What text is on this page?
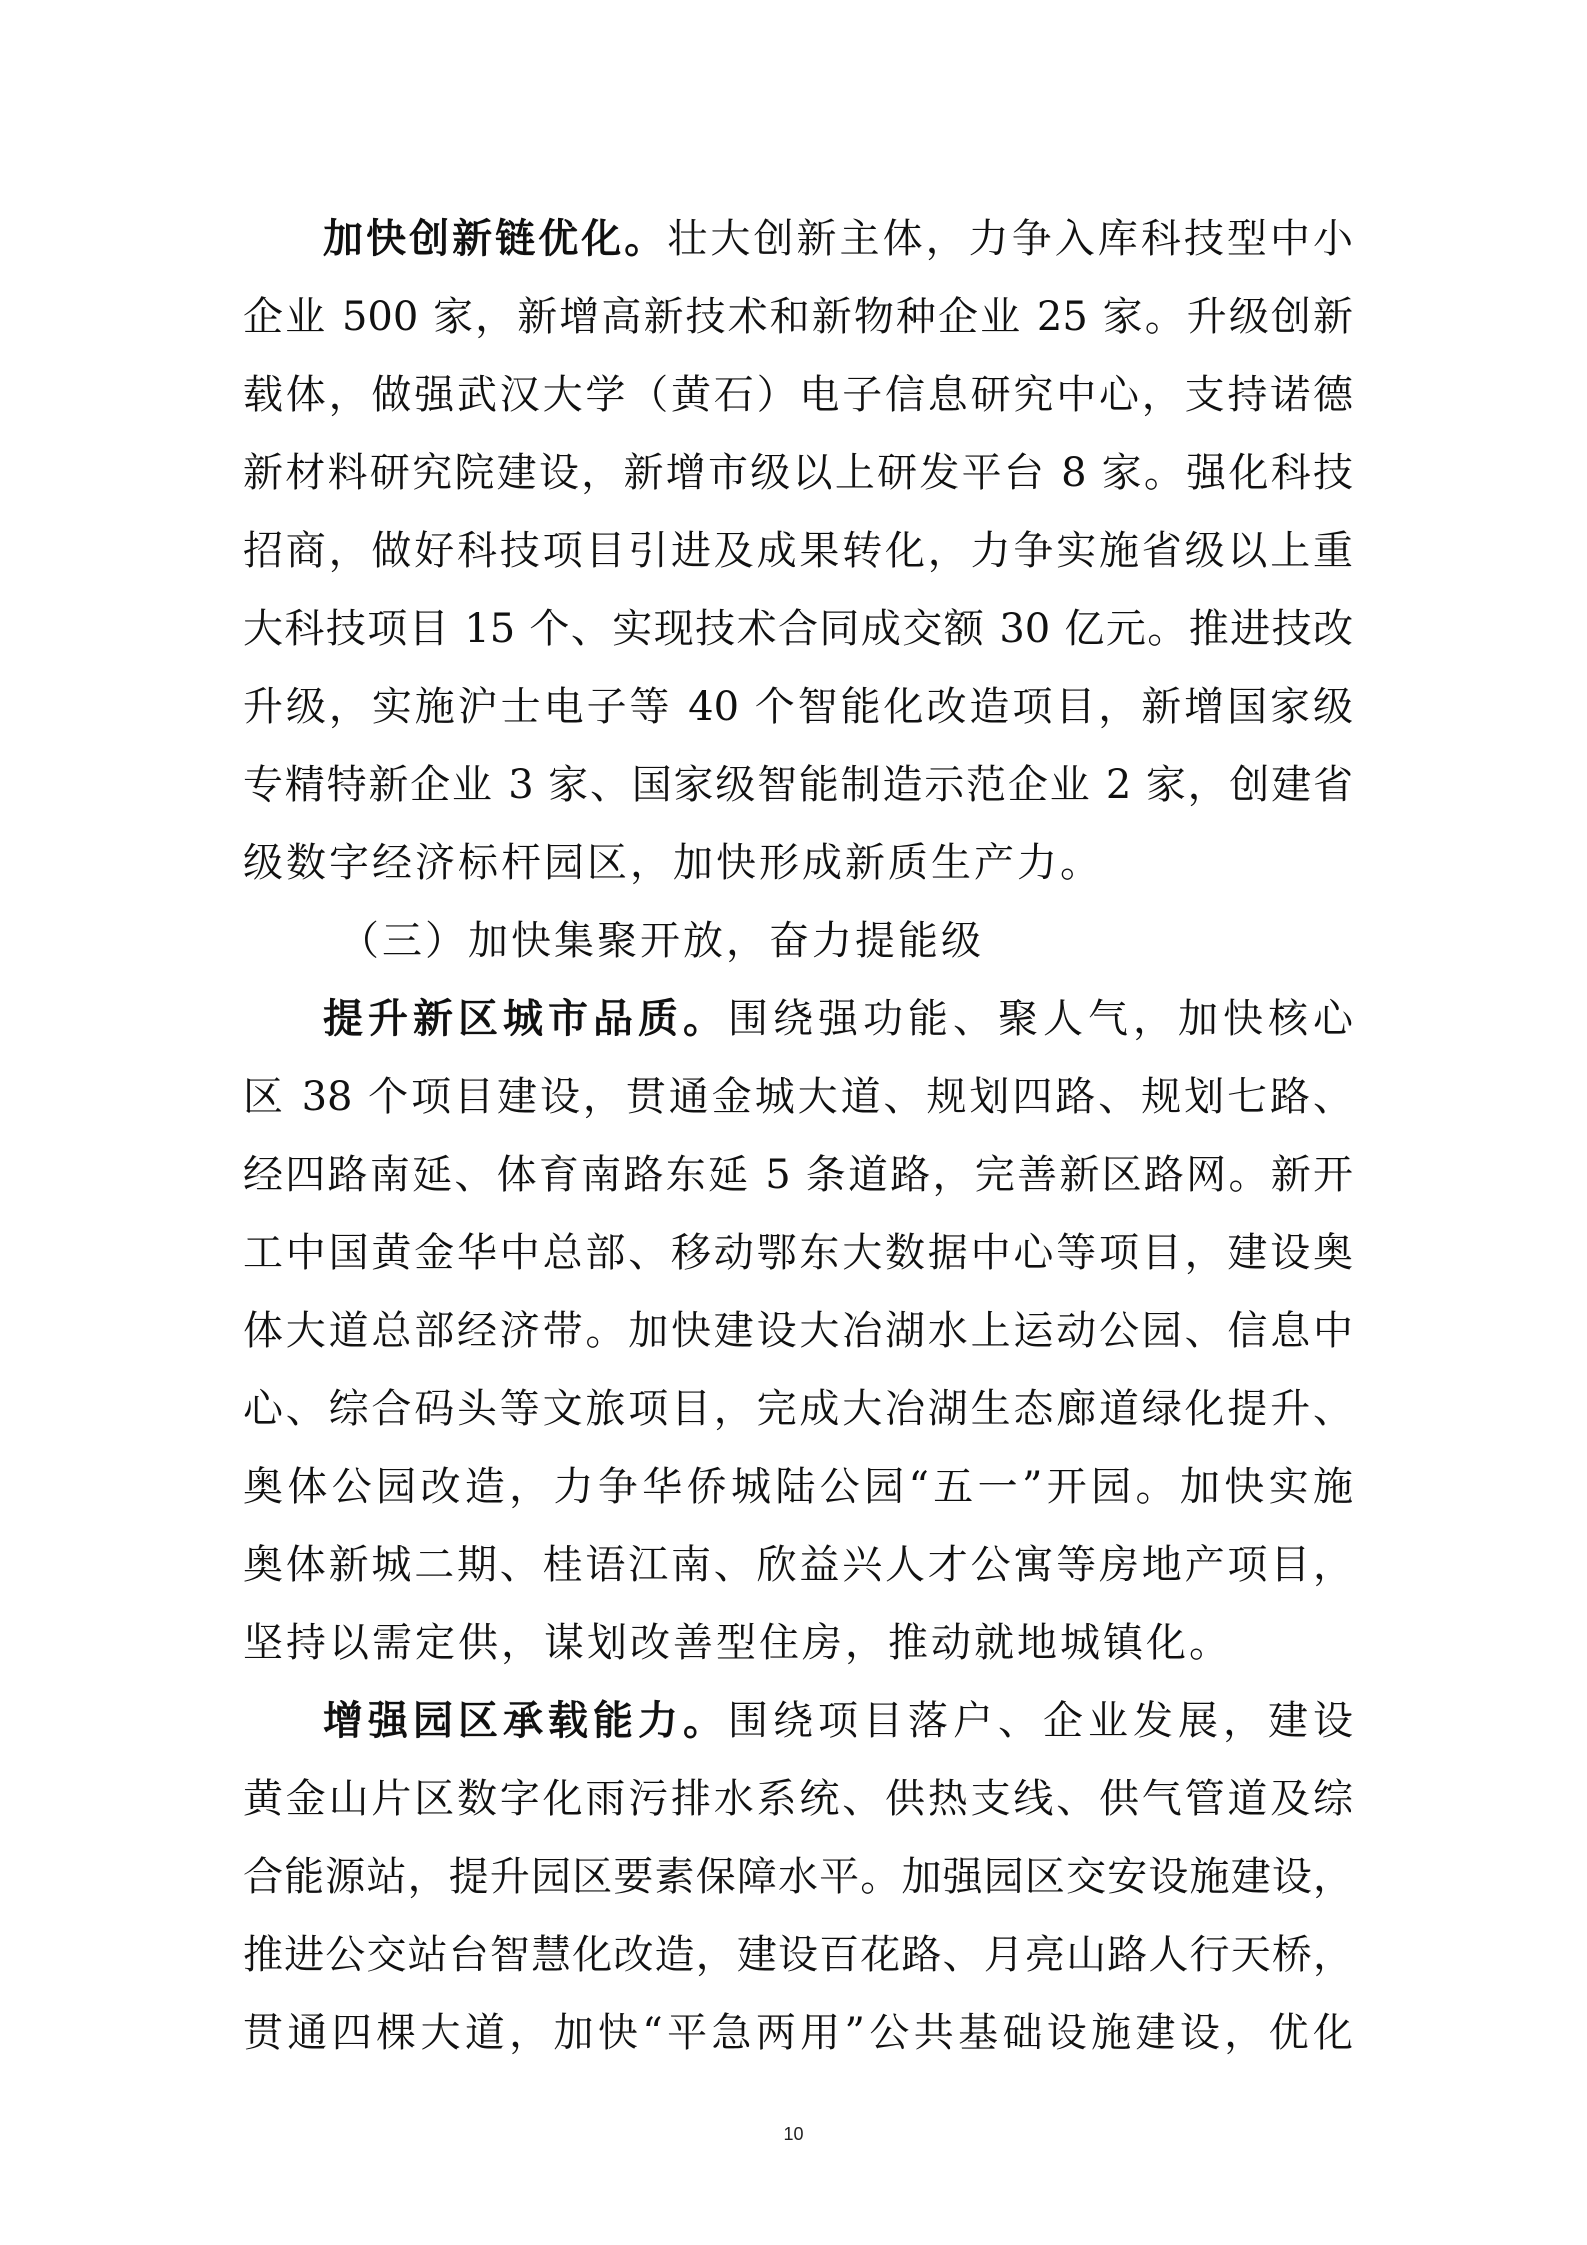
加快创新链优化。壮大创新主体，力争入库科技型中小
企业 500 家，新增高新技术和新物种企业 25 家。升级创新
载体，做强武汉大学（黄石）电子信息研究中心，支持诺德
新材料研究院建设，新增市级以上研发平台 8 家。强化科技
招商，做好科技项目引进及成果转化，力争实施省级以上重
大科技项目 15 个、实现技术合同成交额 30 亿元。推进技改
升级，实施沪士电子等 40 个智能化改造项目，新增国家级
专精特新企业 3 家、国家级智能制造示范企业 2 家，创建省
级数字经济标杆园区，加快形成新质生产力。
（三）加快集聚开放，奋力提能级
提升新区城市品质。围绕强功能、聚人气，加快核心
区 38 个项目建设，贯通金城大道、规划四路、规划七路、
经四路南延、体育南路东延 5 条道路，完善新区路网。新开
工中国黄金华中总部、移动鄂东大数据中心等项目，建设奥
体大道总部经济带。加快建设大冶湖水上运动公园、信息中
心、综合码头等文旅项目，完成大冶湖生态廊道绿化提升、
奥体公园改造，力争华侨城陆公园“五一”开园。加快实施
奥体新城二期、桂语江南、欣益兴人才公寓等房地产项目，
坚持以需定供，谋划改善型住房，推动就地城镇化。
增强园区承载能力。围绕项目落户、企业发展，建设
黄金山片区数字化雨污排水系统、供热支线、供气管道及综
合能源站，提升园区要素保障水平。加强园区交安设施建设，
推进公交站台智慧化改造，建设百花路、月亮山路人行天桥，
贯通四棵大道，加快“平急两用”公共基础设施建设，优化
10
